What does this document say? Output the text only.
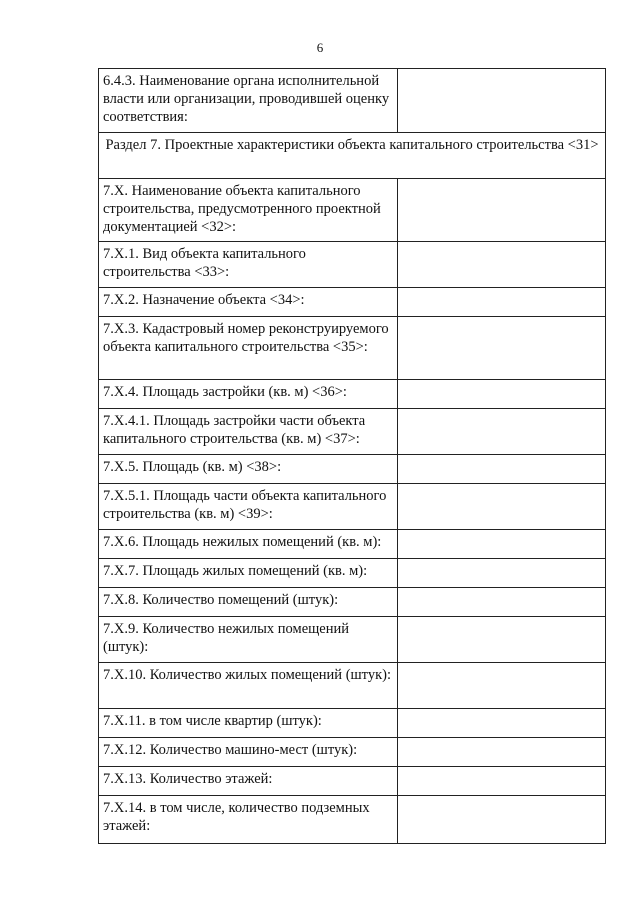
6
6.4.3. Наименование органа исполнительной власти или организации, проводившей оценку соответствия:	
Раздел 7. Проектные характеристики объекта капитального строительства <31>	
7.Х. Наименование объекта капитального строительства, предусмотренного проектной документацией <32>:	
7.Х.1. Вид объекта капитального строительства <33>:	
7.Х.2. Назначение объекта <34>:	
7.Х.3. Кадастровый номер реконструируемого объекта капитального строительства <35>:	
7.Х.4. Площадь застройки (кв. м) <36>:	
7.Х.4.1. Площадь застройки части объекта капитального строительства (кв. м) <37>:	
7.Х.5. Площадь (кв. м) <38>:	
7.Х.5.1. Площадь части объекта капитального строительства (кв. м) <39>:	
7.Х.6. Площадь нежилых помещений (кв. м):	
7.Х.7. Площадь жилых помещений (кв. м):	
7.Х.8. Количество помещений (штук):	
7.Х.9. Количество нежилых помещений (штук):	
7.Х.10. Количество жилых помещений (штук):	
7.Х.11. в том числе квартир (штук):	
7.Х.12. Количество машино-мест (штук):	
7.Х.13. Количество этажей:	
7.Х.14. в том числе, количество подземных этажей:	
